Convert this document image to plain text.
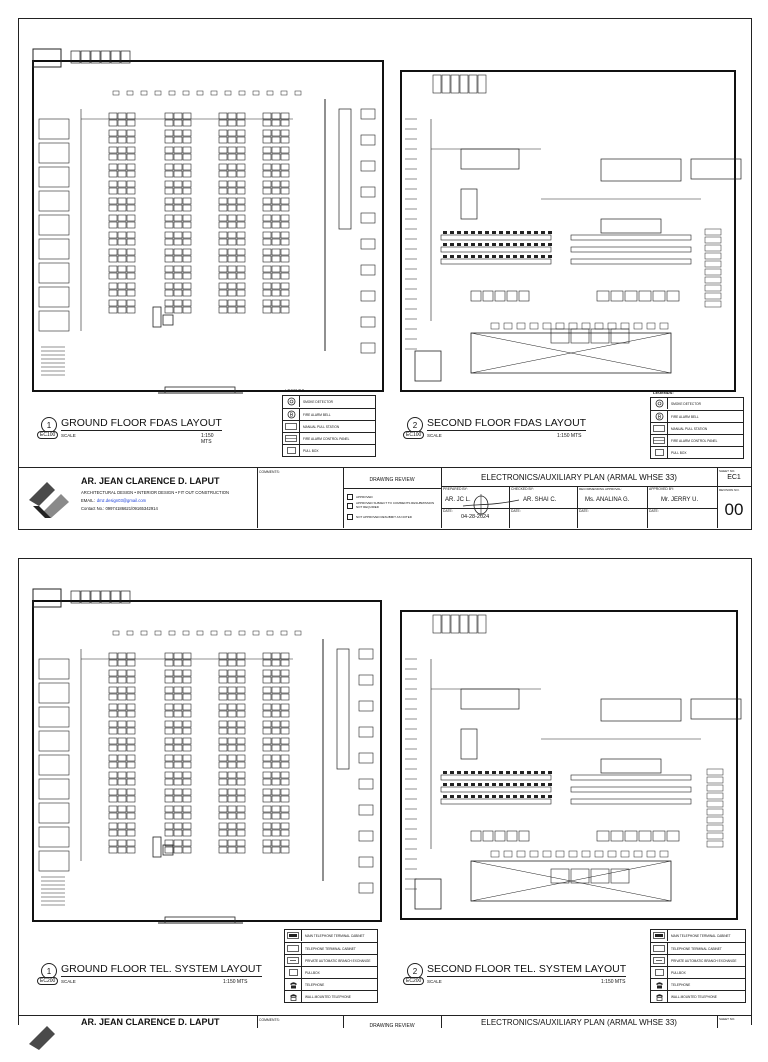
LEGENDS:
SMOKE DETECTOR
B	FIRE ALARM BELL
MANUAL PULL STATION
FIRE ALARM CONTROL PANEL
PULL BOX
LEGENDS:
SMOKE DETECTOR
B	FIRE ALARM BELL
MANUAL PULL STATION
FIRE ALARM CONTROL PANEL
PULL BOX
1 GROUND FLOOR FDAS LAYOUT
EC100	SCALE	1:150 MTS
2 SECOND FLOOR FDAS LAYOUT
EC100	SCALE	1:150 MTS
AR. JEAN CLARENCE D. LAPUT
ARCHITECTURAL DESIGN • INTERIOR DESIGN • FIT OUT CONSTRUCTION
EMAIL: dmz.design03@gmail.com
Contact No.: 09974186621/09165342914
COMMENTS:
DRAWING REVIEW
APPROVED
APPROVED SUBJECT TO COMMENTS RESUBMISSION NOT REQUIRED
NOT APPROVED RESUBMIT AS NOTED
ELECTRONICS/AUXILIARY PLAN (ARMAL WHSE 33)
PREPARED BY:
AR. JC L.
DATE:
04-28-2024
CHECKED BY:
AR. SHAI C.
DATE:
RECOMMENDING APPROVAL:
Ms. ANALINA G.
DATE:
APPROVED BY:
Mr. JERRY U.
DATE:
SHEET NO.
EC1
REVISION NO.
00
MAIN TELEPHONE TERMINAL CABINET
TELEPHONE TERMINAL CABINET
PRIVATE AUTOMATIC BRANCH EXCHANGE
PULLBOX
TELEPHONE
WALL-MOUNTED TELEPHONE
MAIN TELEPHONE TERMINAL CABINET
TELEPHONE TERMINAL CABINET
PRIVATE AUTOMATIC BRANCH EXCHANGE
PULLBOX
TELEPHONE
WALL-MOUNTED TELEPHONE
1 GROUND FLOOR TEL. SYSTEM LAYOUT
EC200	SCALE	1:150 MTS
2 SECOND FLOOR TEL. SYSTEM LAYOUT
EC200	SCALE	1:150 MTS
AR. JEAN CLARENCE D. LAPUT	COMMENTS:
DRAWING REVIEW	ELECTRONICS/AUXILIARY PLAN (ARMAL WHSE 33)	SHEET NO.
